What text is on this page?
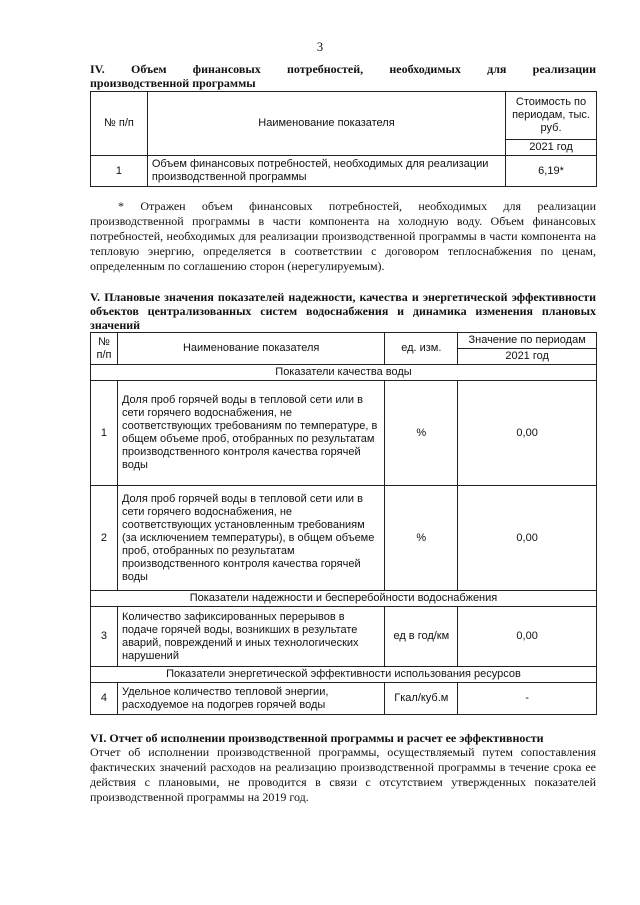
3
IV. Объем финансовых потребностей, необходимых для реализации
производственной программы
№ п/п	Наименование показателя	Стоимость по периодам, тыс. руб.
		2021 год
1	Объем финансовых потребностей, необходимых для реализации производственной программы	6,19*
* Отражен объем финансовых потребностей, необходимых для реализации производственной программы в части компонента на холодную воду. Объем финансовых потребностей, необходимых для реализации производственной программы в части компонента на тепловую энергию, определяется в соответствии с договором теплоснабжения по ценам, определенным по соглашению сторон (нерегулируемым).
V. Плановые значения показателей надежности, качества и энергетической эффективности объектов централизованных систем водоснабжения и динамика изменения плановых значений
№ п/п	Наименование показателя	ед. изм.	Значение по периодам
			2021 год
Показатели качества воды			
1	Доля проб горячей воды в тепловой сети или в сети горячего водоснабжения, не соответствующих требованиям по температуре, в общем объеме проб, отобранных по результатам производственного контроля качества горячей воды	%	0,00
2	Доля проб горячей воды в тепловой сети или в сети горячего водоснабжения, не соответствующих установленным требованиям (за исключением температуры), в общем объеме проб, отобранных по результатам производственного контроля качества горячей воды	%	0,00
Показатели надежности и бесперебойности водоснабжения			
3	Количество зафиксированных перерывов в подаче горячей воды, возникших в результате аварий, повреждений и иных технологических нарушений	ед в год/км	0,00
Показатели энергетической эффективности использования ресурсов			
4	Удельное количество тепловой энергии, расходуемое на подогрев горячей воды	Гкал/куб.м	-
VI. Отчет об исполнении производственной программы и расчет ее эффективности
Отчет об исполнении производственной программы, осуществляемый путем сопоставления фактических значений расходов на реализацию производственной программы в течение срока ее действия с плановыми, не проводится в связи с отсутствием утвержденных показателей производственной программы на 2019 год.
